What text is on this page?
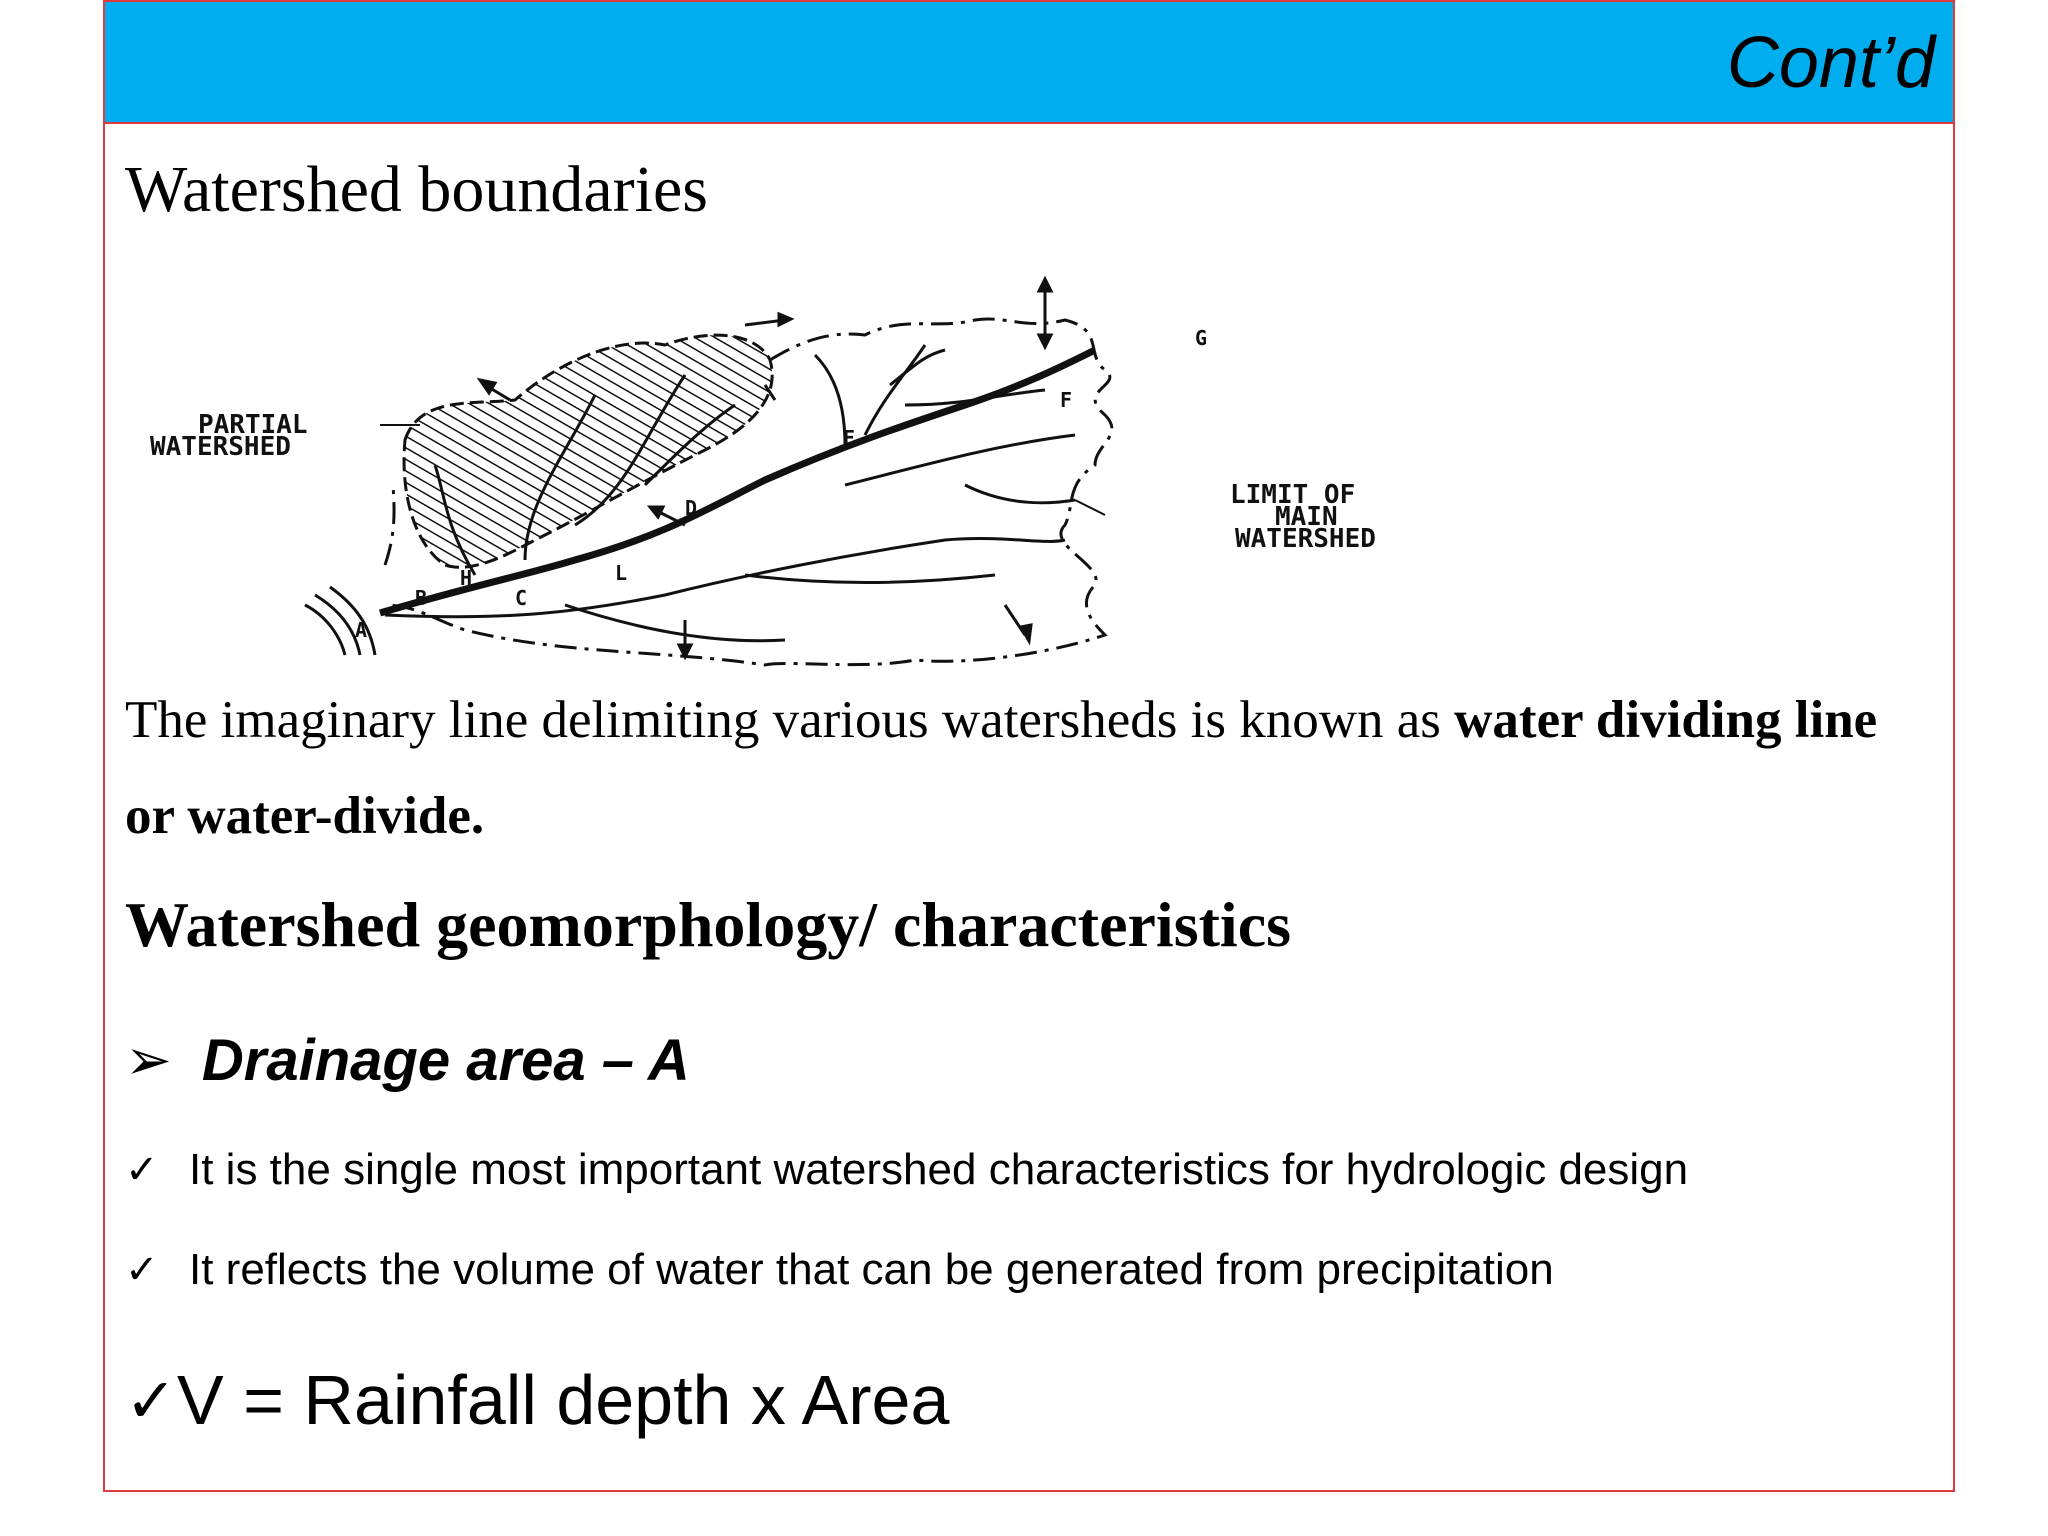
Cont’d
Watershed boundaries
PARTIAL
WATERSHED
LIMIT OF
MAIN
WATERSHED
A
B	C
H	L
D
E
F
G
The imaginary line delimiting various watersheds is known as water dividing line or water-divide.
Watershed geomorphology/ characteristics
➢ Drainage area – A
✓ It is the single most important watershed characteristics for hydrologic design
✓ It reflects the volume of water that can be generated from precipitation
✓ V = Rainfall depth x Area
